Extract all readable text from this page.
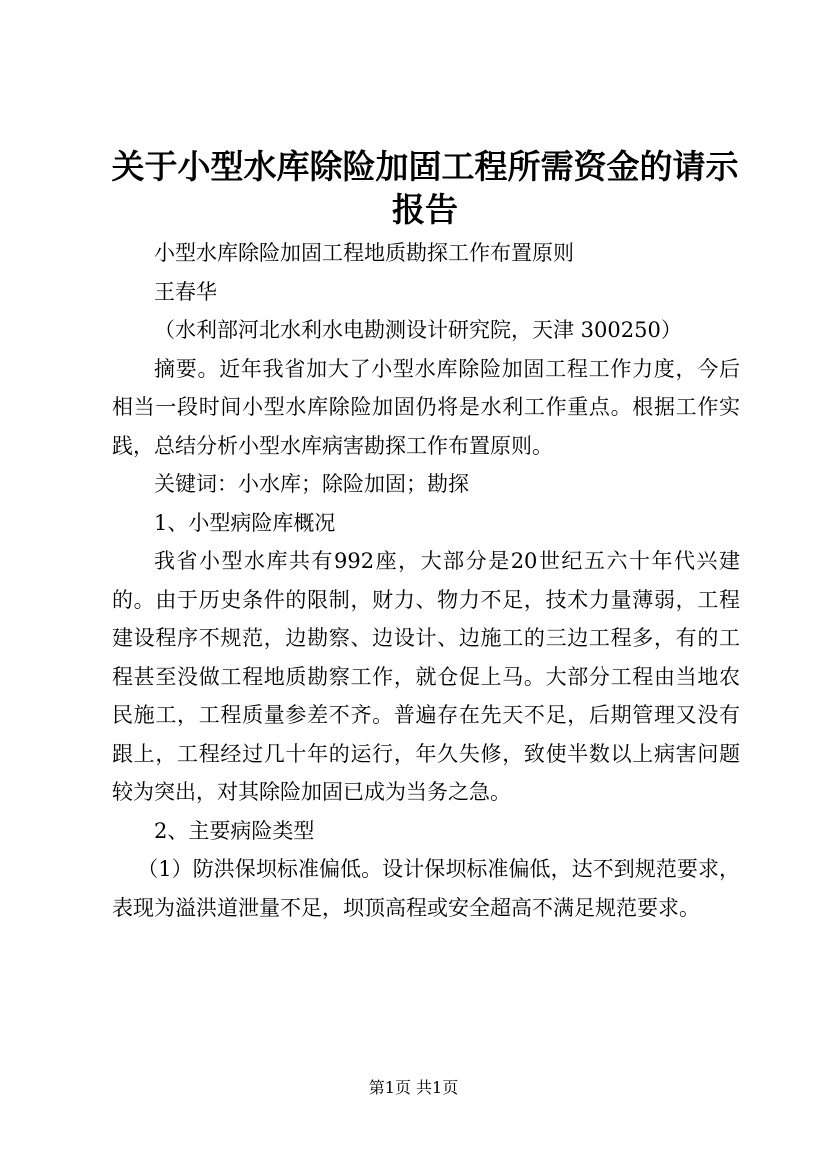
关于小型水库除险加固工程所需资金的请示报告

小型水库除险加固工程地质勘探工作布置原则

王春华

（水利部河北水利水电勘测设计研究院，天津 300250）

摘要。近年我省加大了小型水库除险加固工程工作力度，今后相当一段时间小型水库除险加固仍将是水利工作重点。根据工作实践，总结分析小型水库病害勘探工作布置原则。

关键词：小水库；除险加固；勘探

1、小型病险库概况

我省小型水库共有992座，大部分是20世纪五六十年代兴建的。由于历史条件的限制，财力、物力不足，技术力量薄弱，工程建设程序不规范，边勘察、边设计、边施工的三边工程多，有的工程甚至没做工程地质勘察工作，就仓促上马。大部分工程由当地农民施工，工程质量参差不齐。普遍存在先天不足，后期管理又没有跟上，工程经过几十年的运行，年久失修，致使半数以上病害问题较为突出，对其除险加固已成为当务之急。

2、主要病险类型

（1）防洪保坝标准偏低。设计保坝标准偏低，达不到规范要求，表现为溢洪道泄量不足，坝顶高程或安全超高不满足规范要求。

第1页 共1页
